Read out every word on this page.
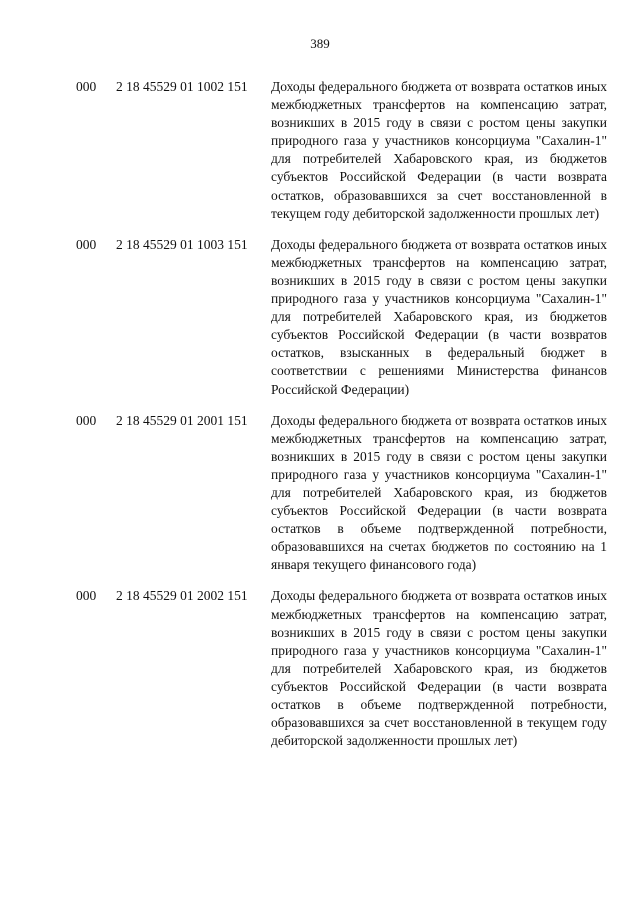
389
000 2 18 45529 01 1002 151 Доходы федерального бюджета от возврата остатков иных межбюджетных трансфертов на компенсацию затрат, возникших в 2015 году в связи с ростом цены закупки природного газа у участников консорциума "Сахалин-1" для потребителей Хабаровского края, из бюджетов субъектов Российской Федерации (в части возврата остатков, образовавшихся за счет восстановленной в текущем году дебиторской задолженности прошлых лет)
000 2 18 45529 01 1003 151 Доходы федерального бюджета от возврата остатков иных межбюджетных трансфертов на компенсацию затрат, возникших в 2015 году в связи с ростом цены закупки природного газа у участников консорциума "Сахалин-1" для потребителей Хабаровского края, из бюджетов субъектов Российской Федерации (в части возвратов остатков, взысканных в федеральный бюджет в соответствии с решениями Министерства финансов Российской Федерации)
000 2 18 45529 01 2001 151 Доходы федерального бюджета от возврата остатков иных межбюджетных трансфертов на компенсацию затрат, возникших в 2015 году в связи с ростом цены закупки природного газа у участников консорциума "Сахалин-1" для потребителей Хабаровского края, из бюджетов субъектов Российской Федерации (в части возврата остатков в объеме подтвержденной потребности, образовавшихся на счетах бюджетов по состоянию на 1 января текущего финансового года)
000 2 18 45529 01 2002 151 Доходы федерального бюджета от возврата остатков иных межбюджетных трансфертов на компенсацию затрат, возникших в 2015 году в связи с ростом цены закупки природного газа у участников консорциума "Сахалин-1" для потребителей Хабаровского края, из бюджетов субъектов Российской Федерации (в части возврата остатков в объеме подтвержденной потребности, образовавшихся за счет восстановленной в текущем году дебиторской задолженности прошлых лет)
